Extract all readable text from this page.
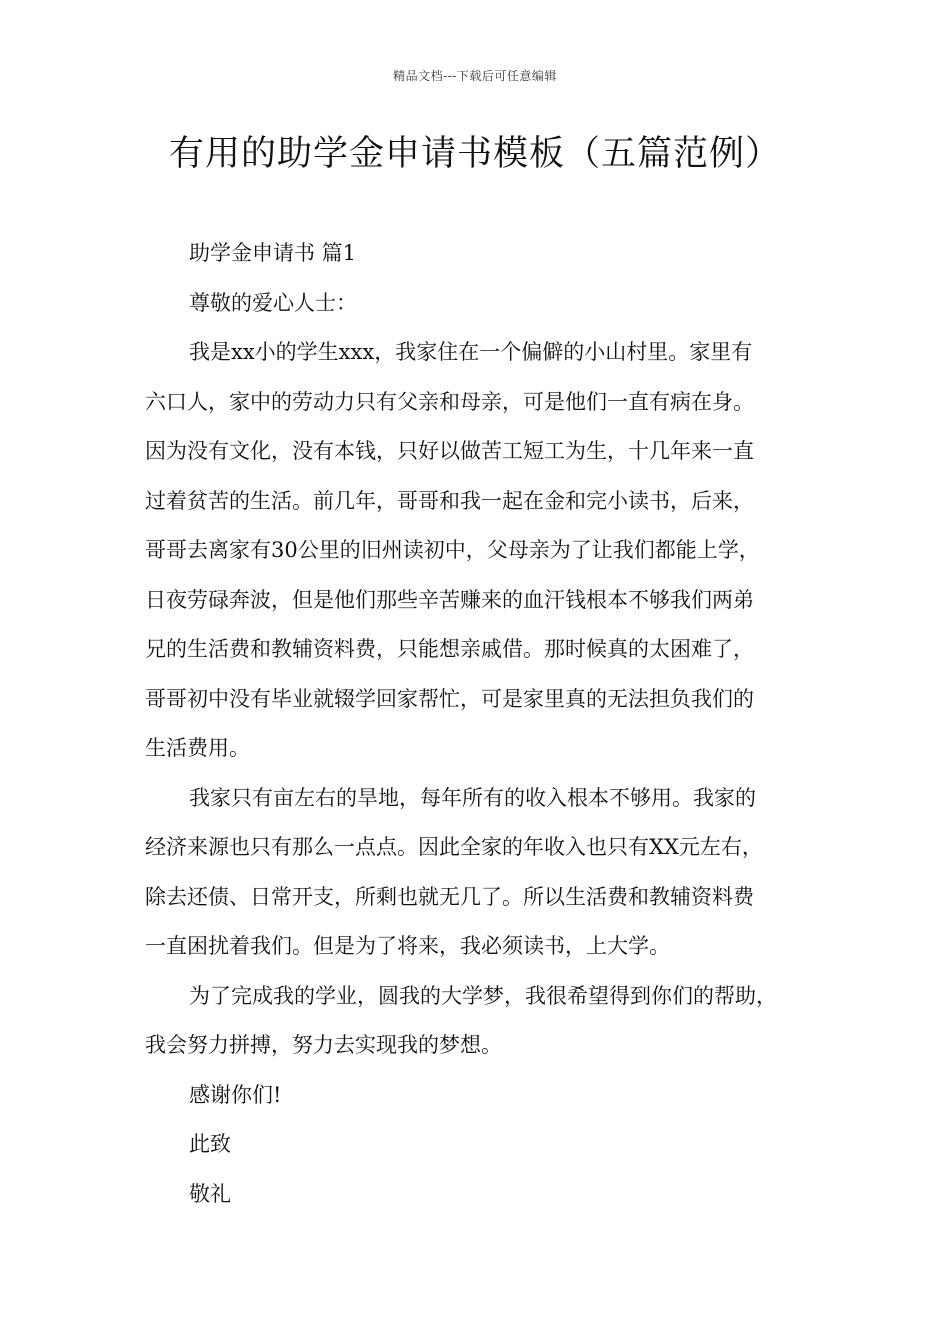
精品文档---下载后可任意编辑
有用的助学金申请书模板（五篇范例）
助学金申请书 篇1
尊敬的爱心人士：
我是xx小的学生xxx，我家住在一个偏僻的小山村里。家里有
六口人，家中的劳动力只有父亲和母亲，可是他们一直有病在身。
因为没有文化，没有本钱，只好以做苦工短工为生，十几年来一直
过着贫苦的生活。前几年，哥哥和我一起在金和完小读书，后来，
哥哥去离家有30公里的旧州读初中，父母亲为了让我们都能上学，
日夜劳碌奔波，但是他们那些辛苦赚来的血汗钱根本不够我们两弟
兄的生活费和教辅资料费，只能想亲戚借。那时候真的太困难了，
哥哥初中没有毕业就辍学回家帮忙，可是家里真的无法担负我们的
生活费用。
我家只有亩左右的旱地，每年所有的收入根本不够用。我家的
经济来源也只有那么一点点。因此全家的年收入也只有XX元左右，
除去还债、日常开支，所剩也就无几了。所以生活费和教辅资料费
一直困扰着我们。但是为了将来，我必须读书，上大学。
为了完成我的学业，圆我的大学梦，我很希望得到你们的帮助，
我会努力拼搏，努力去实现我的梦想。
感谢你们!
此致
敬礼
